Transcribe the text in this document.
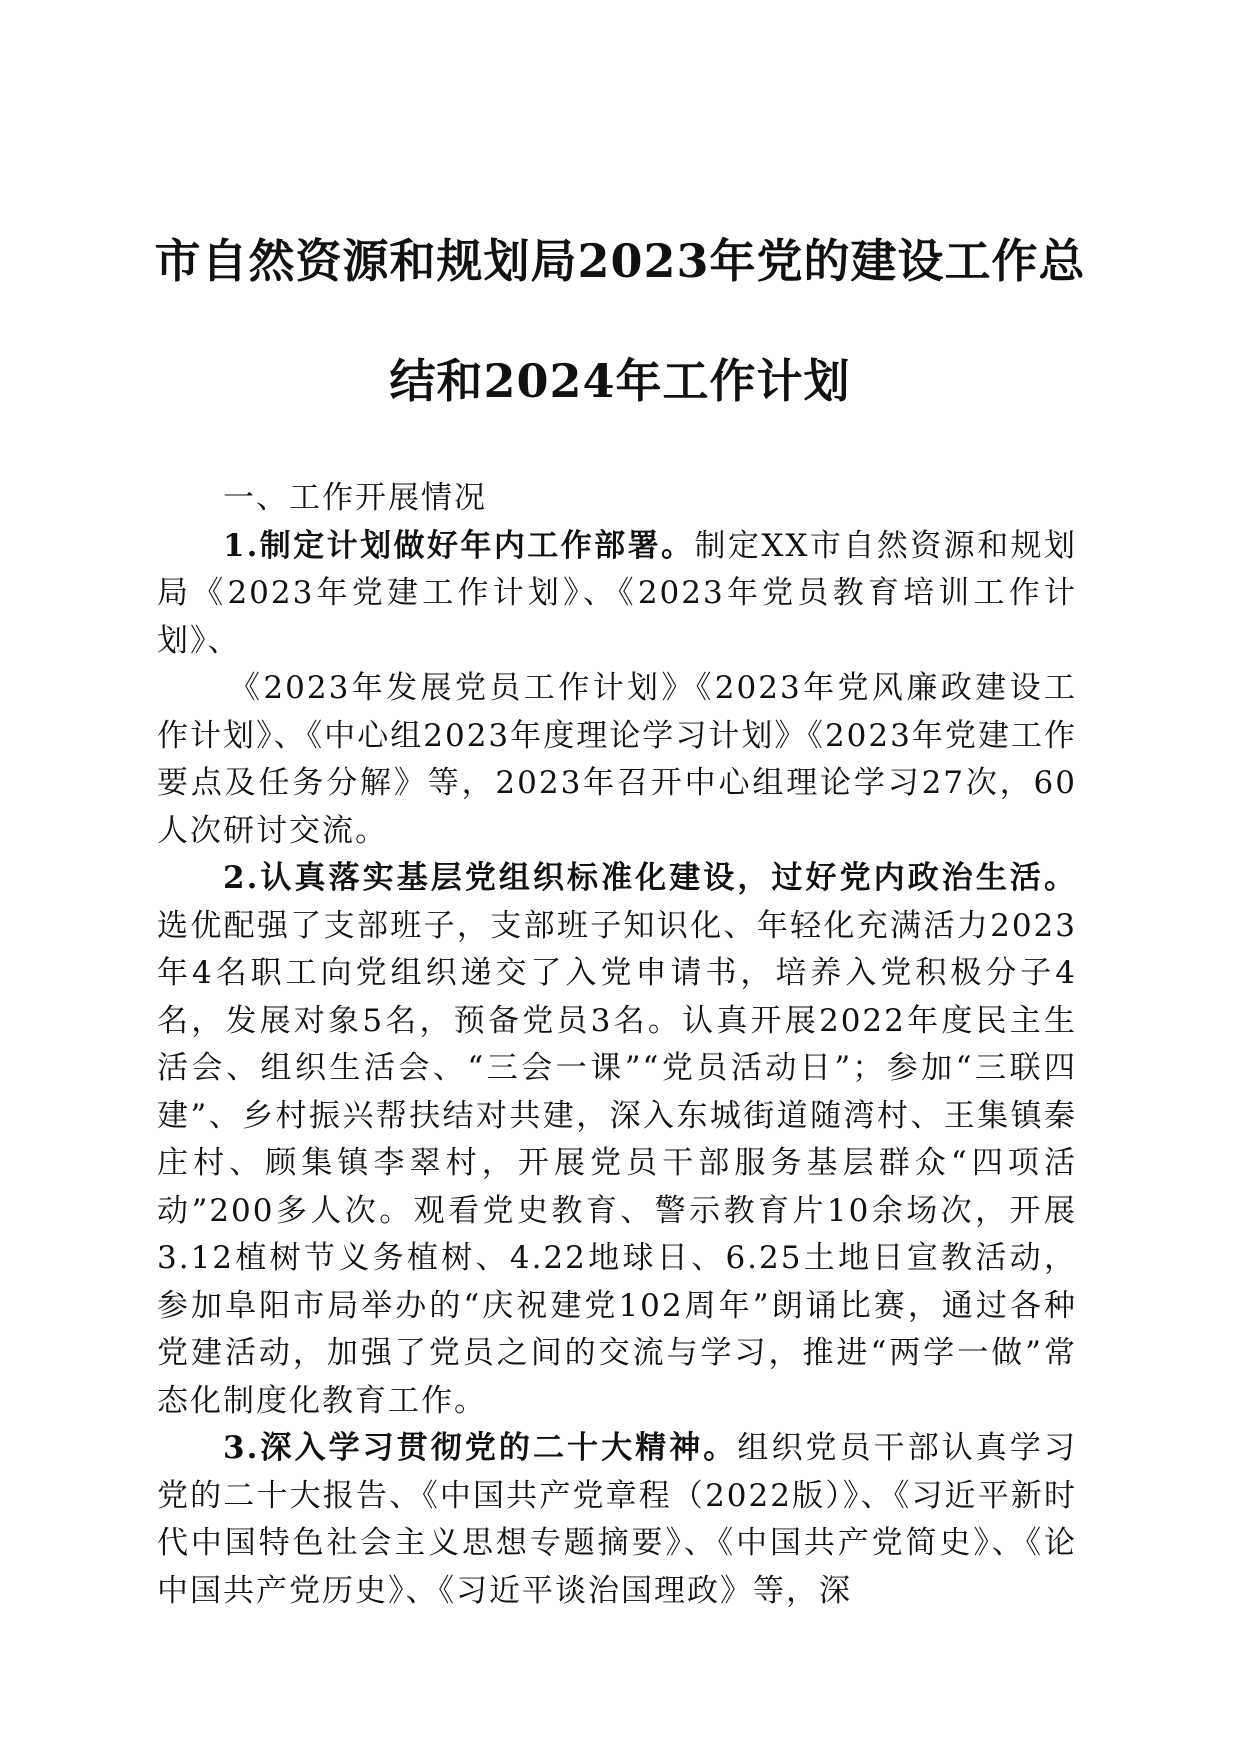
市自然资源和规划局2023年党的建设工作总
结和2024年工作计划

一、工作开展情况

1.制定计划做好年内工作部署。制定XX市自然资源和规划局《2023年党建工作计划》、《2023年党员教育培训工作计划》、

《2023年发展党员工作计划》《2023年党风廉政建设工作计划》、《中心组2023年度理论学习计划》《2023年党建工作要点及任务分解》等，2023年召开中心组理论学习27次，60人次研讨交流。

2.认真落实基层党组织标准化建设，过好党内政治生活。选优配强了支部班子，支部班子知识化、年轻化充满活力2023年4名职工向党组织递交了入党申请书，培养入党积极分子4名，发展对象5名，预备党员3名。认真开展2022年度民主生活会、组织生活会、“三会一课”“党员活动日”；参加“三联四建”、乡村振兴帮扶结对共建，深入东城街道随湾村、王集镇秦庄村、顾集镇李翠村，开展党员干部服务基层群众“四项活动”200多人次。观看党史教育、警示教育片10余场次，开展3.12植树节义务植树、4.22地球日、6.25土地日宣教活动，参加阜阳市局举办的“庆祝建党102周年”朗诵比赛，通过各种党建活动，加强了党员之间的交流与学习，推进“两学一做”常态化制度化教育工作。

3.深入学习贯彻党的二十大精神。组织党员干部认真学习党的二十大报告、《中国共产党章程（2022版）》、《习近平新时代中国特色社会主义思想专题摘要》、《中国共产党简史》、《论中国共产党历史》、《习近平谈治国理政》等，深
